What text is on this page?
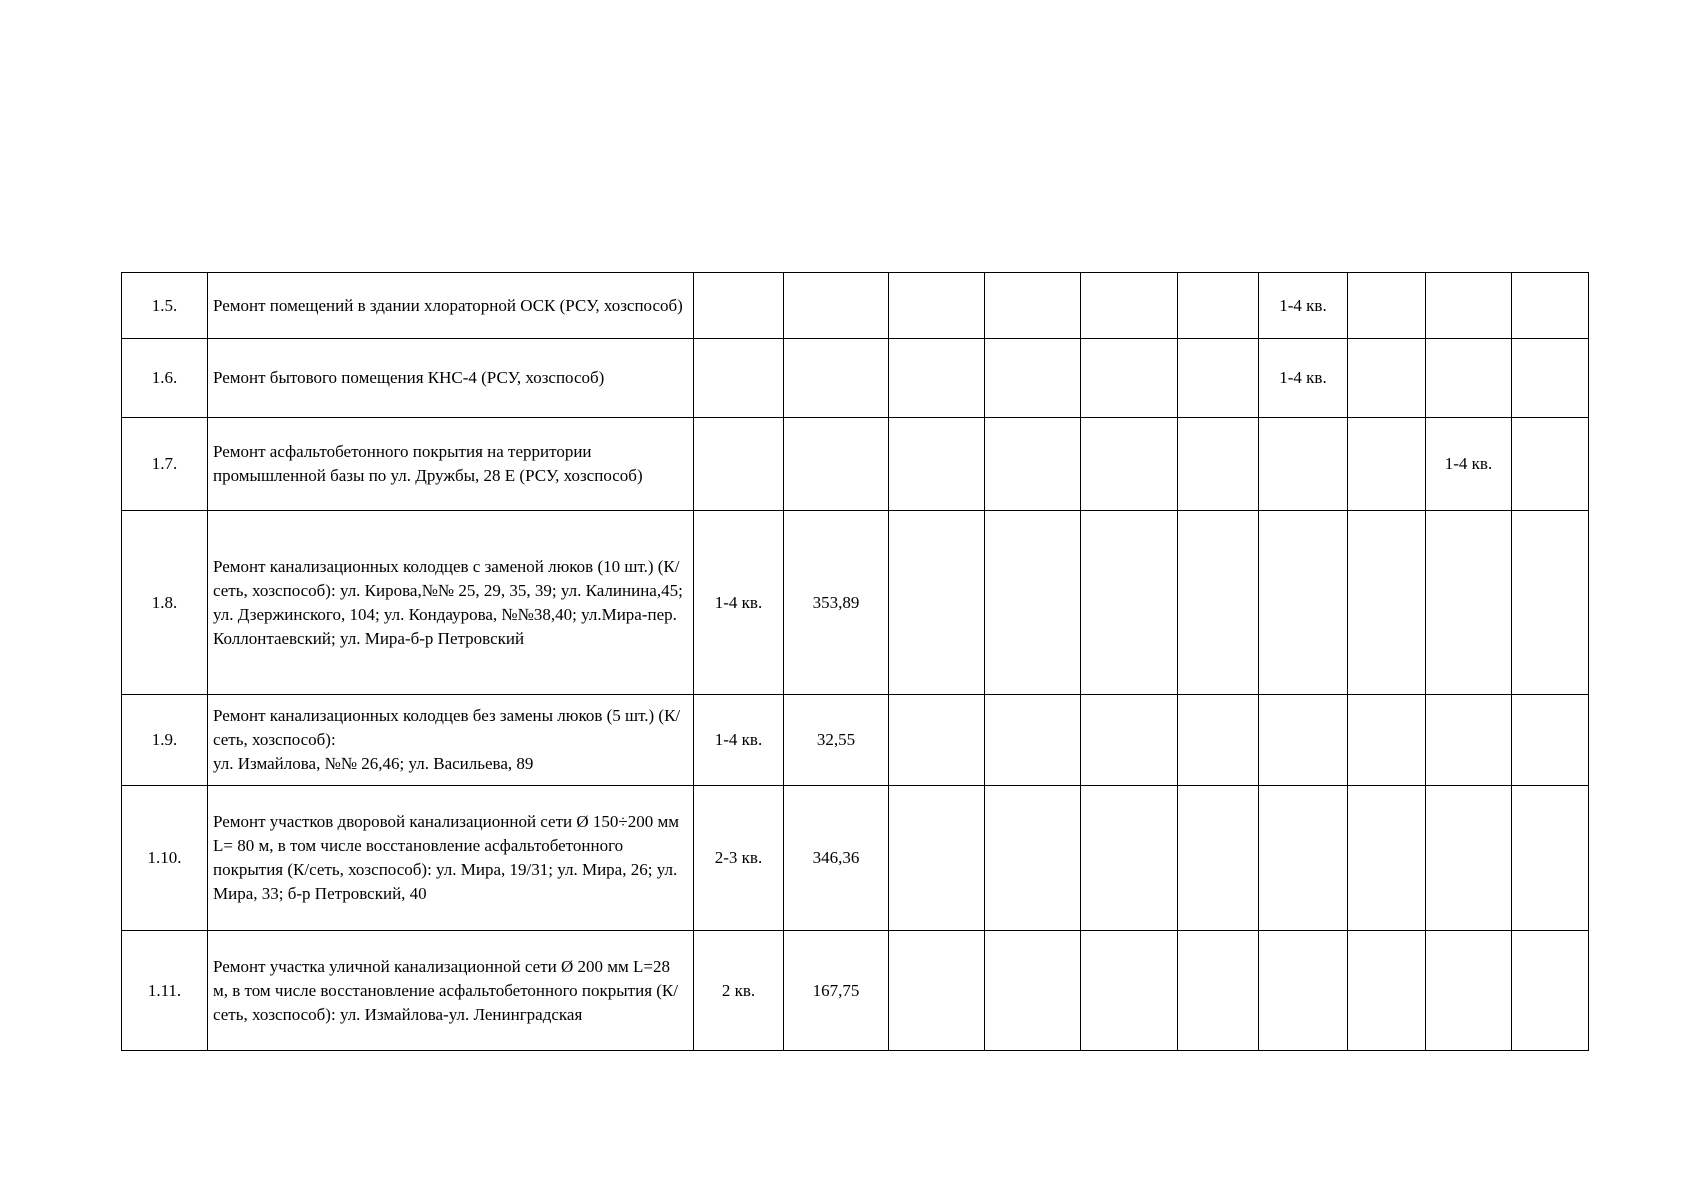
1.5.	Ремонт помещений в здании хлораторной ОСК (РСУ, хозспособ)							1-4 кв.			
1.6.	Ремонт бытового помещения КНС-4 (РСУ, хозспособ)							1-4 кв.			
1.7.	Ремонт асфальтобетонного покрытия на территории промышленной базы по ул. Дружбы, 28 Е (РСУ, хозспособ)									1-4 кв.	
1.8.	Ремонт канализационных колодцев с заменой люков (10 шт.) (К/сеть, хозспособ): ул. Кирова,№№ 25, 29, 35, 39; ул. Калинина,45; ул. Дзержинского, 104; ул. Кондаурова, №№38,40; ул.Мира-пер. Коллонтаевский; ул. Мира-б-р Петровский	1-4 кв.	353,89								
1.9.	Ремонт канализационных колодцев без замены люков (5 шт.) (К/сеть, хозспособ):
ул. Измайлова, №№ 26,46; ул. Васильева, 89	1-4 кв.	32,55								
1.10.	Ремонт участков дворовой канализационной сети Ø 150÷200 мм L= 80 м, в том числе восстановление асфальтобетонного покрытия (К/сеть, хозспособ): ул. Мира, 19/31; ул. Мира, 26; ул. Мира, 33; б-р Петровский, 40	2-3 кв.	346,36								
1.11.	Ремонт участка уличной канализационной сети Ø 200 мм L=28 м, в том числе восстановление асфальтобетонного покрытия (К/сеть, хозспособ): ул. Измайлова-ул. Ленинградская	2 кв.	167,75								
